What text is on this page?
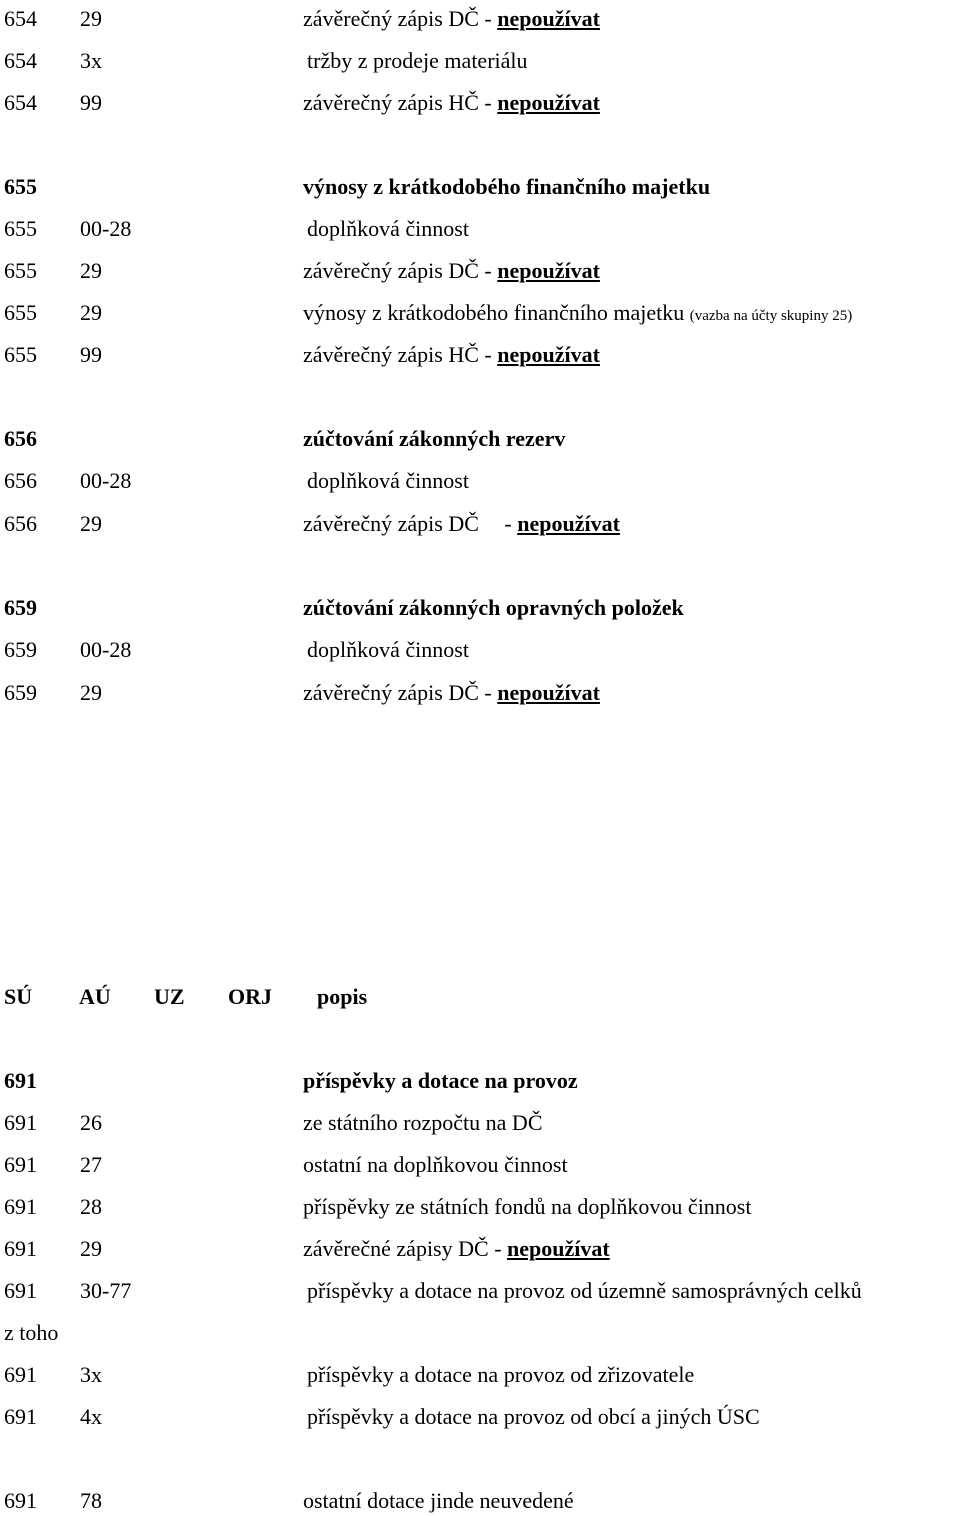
654 29	závěrečný zápis DČ - nepoužívat
654 3x	tržby z prodeje materiálu
654 99	závěrečný zápis HČ - nepoužívat
655	výnosy z krátkodobého finančního majetku
655 00-28	doplňková činnost
655 29	závěrečný zápis DČ - nepoužívat
655 29	výnosy z krátkodobého finančního majetku (vazba na účty skupiny 25)
655 99	závěrečný zápis HČ - nepoužívat
656	zúčtování zákonných rezerv
656 00-28	doplňková činnost
656 29	závěrečný zápis DČ - nepoužívat
659	zúčtování zákonných opravných položek
659 00-28	doplňková činnost
659 29	závěrečný zápis DČ - nepoužívat
SÚ AÚ UZ ORJ popis
691	příspěvky a dotace na provoz
691 26	ze státního rozpočtu na DČ
691 27	ostatní na doplňkovou činnost
691 28	příspěvky ze státních fondů na doplňkovou činnost
691 29	závěrečné zápisy DČ - nepoužívat
691 30-77	příspěvky a dotace na provoz od územně samosprávných celků
z toho
691 3x	příspěvky a dotace na provoz od zřizovatele
691 4x	příspěvky a dotace na provoz od obcí a jiných ÚSC
691 78	ostatní dotace jinde neuvedené
